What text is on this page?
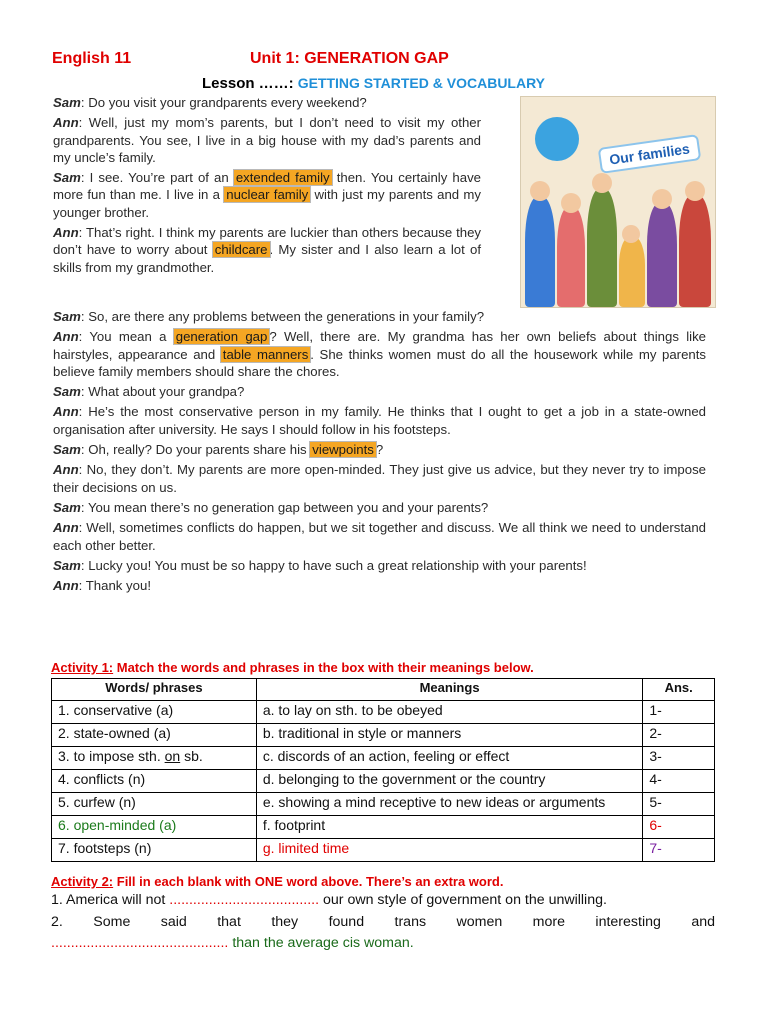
English 11	Unit 1: GENERATION GAP
Lesson ……: GETTING STARTED & VOCABULARY
Our families
Sam: Do you visit your grandparents every weekend?
Ann: Well, just my mom’s parents, but I don’t need to visit my other grandparents. You see, I live in a big house with my dad’s parents and my uncle’s family.
Sam: I see. You’re part of an extended family then. You certainly have more fun than me. I live in a nuclear family with just my parents and my younger brother.
Ann: That’s right. I think my parents are luckier than others because they don’t have to worry about childcare . My sister and I also learn a lot of skills from my grandmother.
Sam: So, are there any problems between the generations in your family?
Ann: You mean a generation gap ? Well, there are. My grandma has her own beliefs about things like hairstyles, appearance and table manners . She thinks women must do all the housework while my parents believe family members should share the chores.
Sam: What about your grandpa?
Ann: He’s the most conservative person in my family. He thinks that I ought to get a job in a state-owned organisation after university. He says I should follow in his footsteps.
Sam: Oh, really? Do your parents share his viewpoints ?
Ann: No, they don’t. My parents are more open-minded. They just give us advice, but they never try to impose their decisions on us.
Sam: You mean there’s no generation gap between you and your parents?
Ann: Well, sometimes conflicts do happen, but we sit together and discuss. We all think we need to understand each other better.
Sam: Lucky you! You must be so happy to have such a great relationship with your parents!
Ann: Thank you!
Activity 1: Match the words and phrases in the box with their meanings below.
Words/ phrases	Meanings	Ans.
1. conservative (a)	a. to lay on sth. to be obeyed	1-
2. state-owned (a)	b. traditional in style or manners	2-
3. to impose sth. on sb.	c. discords of an action, feeling or effect	3-
4. conflicts (n)	d. belonging to the government or the country	4-
5. curfew (n)	e. showing a mind receptive to new ideas or arguments	5-
6. open-minded (a)	f. footprint	6-
7. footsteps (n)	g. limited time	7-
Activity 2: Fill in each blank with ONE word above. There’s an extra word.
1. America will not ...................................... our own style of government on the unwilling.
2. Some said that they found trans women more interesting and
............................................. than the average cis woman.
